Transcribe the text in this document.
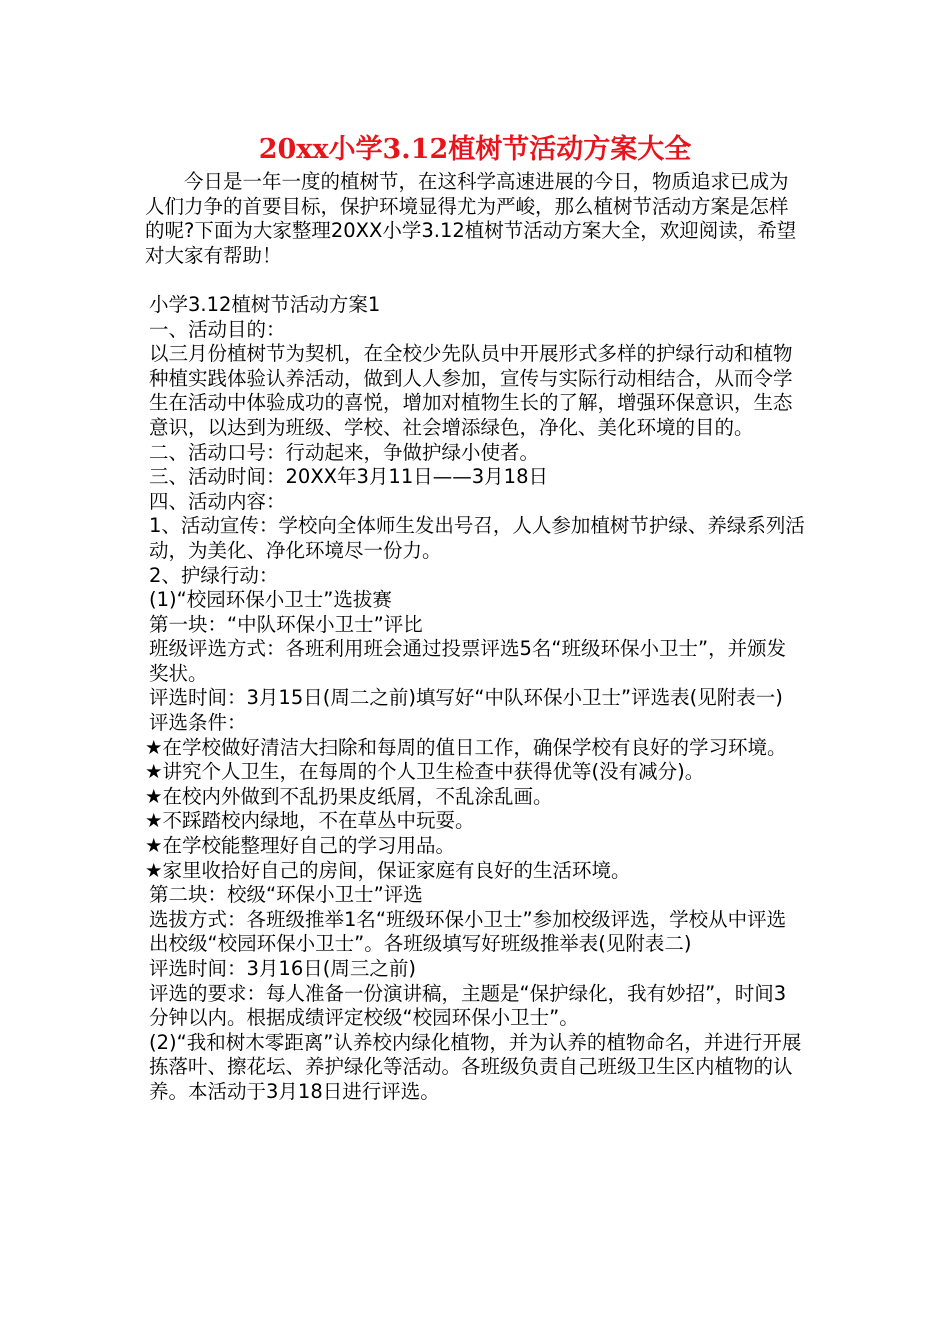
20xx小学3.12植树节活动方案大全

今日是一年一度的植树节，在这科学高速进展的今日，物质追求已成为人们力争的首要目标，保护环境显得尤为严峻，那么植树节活动方案是怎样的呢?下面为大家整理20XX小学3.12植树节活动方案大全，欢迎阅读，希望对大家有帮助！

小学3.12植树节活动方案1

一、活动目的：

以三月份植树节为契机，在全校少先队员中开展形式多样的护绿行动和植物种植实践体验认养活动，做到人人参加，宣传与实际行动相结合，从而令学生在活动中体验成功的喜悦，增加对植物生长的了解，增强环保意识，生态意识，以达到为班级、学校、社会增添绿色，净化、美化环境的目的。

二、活动口号：行动起来，争做护绿小使者。

三、活动时间：20XX年3月11日——3月18日

四、活动内容：

1、活动宣传：学校向全体师生发出号召，人人参加植树节护绿、养绿系列活动，为美化、净化环境尽一份力。

2、护绿行动：

(1)“校园环保小卫士”选拔赛

第一块：“中队环保小卫士”评比

班级评选方式：各班利用班会通过投票评选5名“班级环保小卫士”，并颁发奖状。

评选时间：3月15日(周二之前)填写好“中队环保小卫士”评选表(见附表一)

评选条件：

★在学校做好清洁大扫除和每周的值日工作，确保学校有良好的学习环境。

★讲究个人卫生，在每周的个人卫生检查中获得优等(没有减分)。

★在校内外做到不乱扔果皮纸屑，不乱涂乱画。

★不踩踏校内绿地，不在草丛中玩耍。

★在学校能整理好自己的学习用品。

★家里收拾好自己的房间，保证家庭有良好的生活环境。

第二块：校级“环保小卫士”评选

选拔方式：各班级推举1名“班级环保小卫士”参加校级评选，学校从中评选出校级“校园环保小卫士”。各班级填写好班级推举表(见附表二)

评选时间：3月16日(周三之前)

评选的要求：每人准备一份演讲稿，主题是“保护绿化，我有妙招”，时间3分钟以内。根据成绩评定校级“校园环保小卫士”。

(2)“我和树木零距离”认养校内绿化植物，并为认养的植物命名，并进行开展拣落叶、擦花坛、养护绿化等活动。各班级负责自己班级卫生区内植物的认养。本活动于3月18日进行评选。
